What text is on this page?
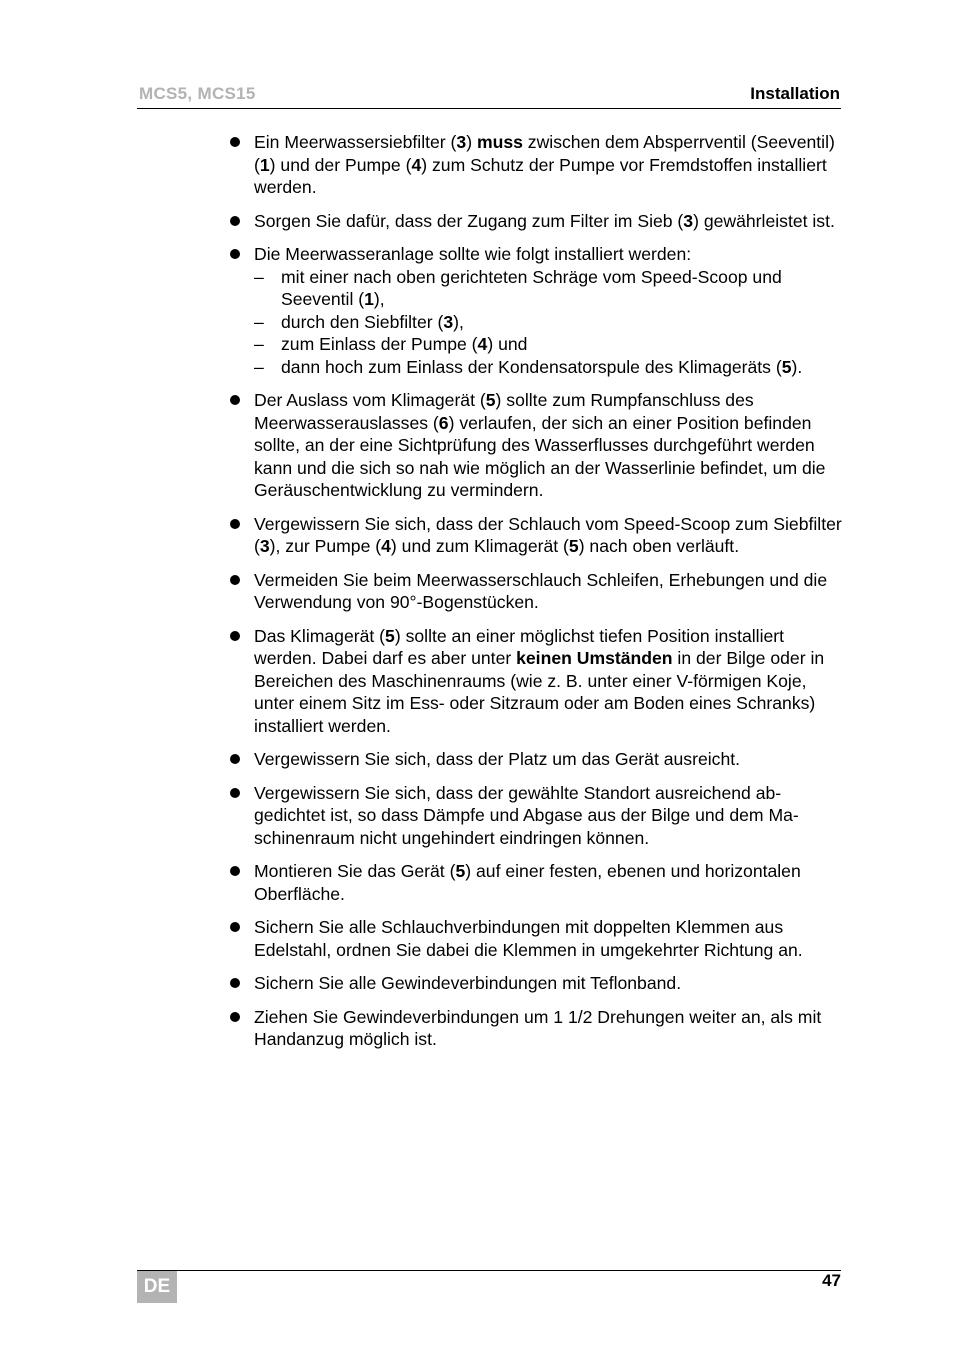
MCS5, MCS15	Installation
Ein Meerwassersiebfilter (3) muss zwischen dem Absperrventil (Seeventil) (1) und der Pumpe (4) zum Schutz der Pumpe vor Fremdstoffen installiert werden.
Sorgen Sie dafür, dass der Zugang zum Filter im Sieb (3) gewährleistet ist.
Die Meerwasseranlage sollte wie folgt installiert werden:
– mit einer nach oben gerichteten Schräge vom Speed-Scoop und Seeventil (1),
– durch den Siebfilter (3),
– zum Einlass der Pumpe (4) und
– dann hoch zum Einlass der Kondensatorspule des Klimageräts (5).
Der Auslass vom Klimagerät (5) sollte zum Rumpfanschluss des Meerwasserauslasses (6) verlaufen, der sich an einer Position befinden sollte, an der eine Sichtprüfung des Wasserflusses durchgeführt werden kann und die sich so nah wie möglich an der Wasserlinie befindet, um die Geräuschentwicklung zu vermindern.
Vergewissern Sie sich, dass der Schlauch vom Speed-Scoop zum Siebfilter (3), zur Pumpe (4) und zum Klimagerät (5) nach oben verläuft.
Vermeiden Sie beim Meerwasserschlauch Schleifen, Erhebungen und die Verwendung von 90°-Bogenstücken.
Das Klimagerät (5) sollte an einer möglichst tiefen Position installiert werden. Dabei darf es aber unter keinen Umständen in der Bilge oder in Bereichen des Maschinenraums (wie z. B. unter einer V-förmigen Koje, unter einem Sitz im Ess- oder Sitzraum oder am Boden eines Schranks) installiert werden.
Vergewissern Sie sich, dass der Platz um das Gerät ausreicht.
Vergewissern Sie sich, dass der gewählte Standort ausreichend abgedichtet ist, so dass Dämpfe und Abgase aus der Bilge und dem Maschinenraum nicht ungehindert eindringen können.
Montieren Sie das Gerät (5) auf einer festen, ebenen und horizontalen Oberfläche.
Sichern Sie alle Schlauchverbindungen mit doppelten Klemmen aus Edelstahl, ordnen Sie dabei die Klemmen in umgekehrter Richtung an.
Sichern Sie alle Gewindeverbindungen mit Teflonband.
Ziehen Sie Gewindeverbindungen um 1 1/2 Drehungen weiter an, als mit Handanzug möglich ist.
DE	47
